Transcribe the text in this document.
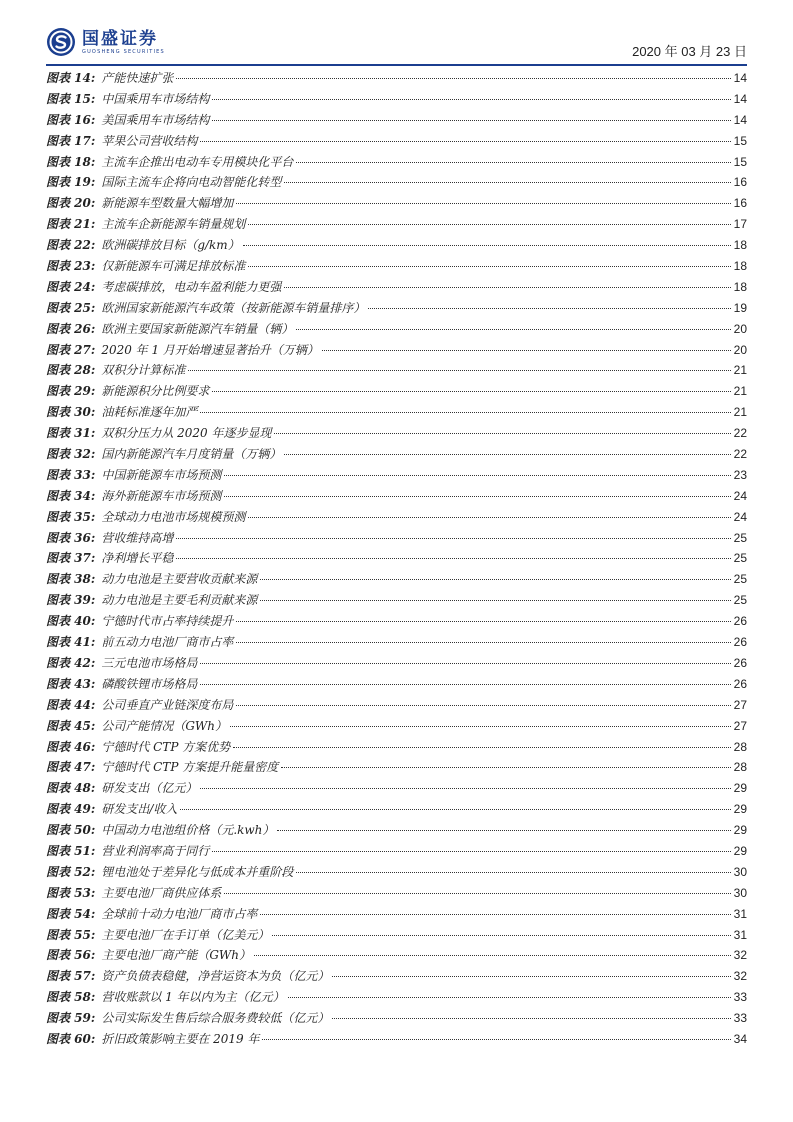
国盛证券
GUOSHENG SECURITIES	2020 年 03 月 23 日
图表 14: 产能快速扩张	14
图表 15: 中国乘用车市场结构	14
图表 16: 美国乘用车市场结构	14
图表 17: 苹果公司营收结构	15
图表 18: 主流车企推出电动车专用模块化平台	15
图表 19: 国际主流车企将向电动智能化转型	16
图表 20: 新能源车型数量大幅增加	16
图表 21: 主流车企新能源车销量规划	17
图表 22: 欧洲碳排放目标（g/km）	18
图表 23: 仅新能源车可满足排放标准	18
图表 24: 考虑碳排放，电动车盈利能力更强	18
图表 25: 欧洲国家新能源汽车政策（按新能源车销量排序）	19
图表 26: 欧洲主要国家新能源汽车销量（辆）	20
图表 27: 2020 年 1 月开始增速显著抬升（万辆）	20
图表 28: 双积分计算标准	21
图表 29: 新能源积分比例要求	21
图表 30: 油耗标准逐年加严	21
图表 31: 双积分压力从 2020 年逐步显现	22
图表 32: 国内新能源汽车月度销量（万辆）	22
图表 33: 中国新能源车市场预测	23
图表 34: 海外新能源车市场预测	24
图表 35: 全球动力电池市场规模预测	24
图表 36: 营收维持高增	25
图表 37: 净利增长平稳	25
图表 38: 动力电池是主要营收贡献来源	25
图表 39: 动力电池是主要毛利贡献来源	25
图表 40: 宁德时代市占率持续提升	26
图表 41: 前五动力电池厂商市占率	26
图表 42: 三元电池市场格局	26
图表 43: 磷酸铁锂市场格局	26
图表 44: 公司垂直产业链深度布局	27
图表 45: 公司产能情况（GWh）	27
图表 46: 宁德时代 CTP 方案优势	28
图表 47: 宁德时代 CTP 方案提升能量密度	28
图表 48: 研发支出（亿元）	29
图表 49: 研发支出/收入	29
图表 50: 中国动力电池组价格（元.kwh）	29
图表 51: 营业利润率高于同行	29
图表 52: 锂电池处于差异化与低成本并重阶段	30
图表 53: 主要电池厂商供应体系	30
图表 54: 全球前十动力电池厂商市占率	31
图表 55: 主要电池厂在手订单（亿美元）	31
图表 56: 主要电池厂商产能（GWh）	32
图表 57: 资产负债表稳健，净营运资本为负（亿元）	32
图表 58: 营收账款以 1 年以内为主（亿元）	33
图表 59: 公司实际发生售后综合服务费较低（亿元）	33
图表 60: 折旧政策影响主要在 2019 年	34
